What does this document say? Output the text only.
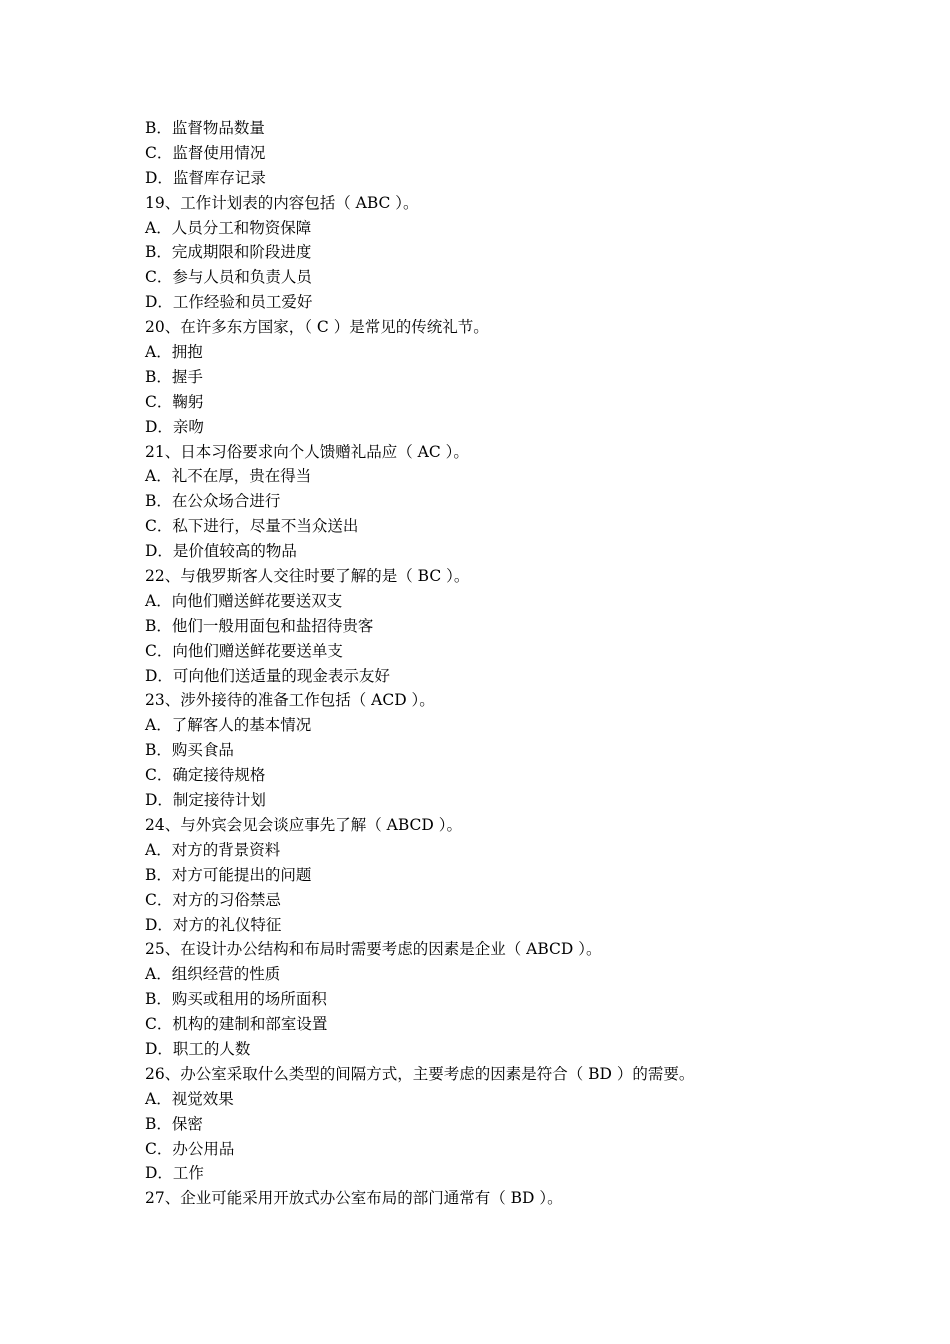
B．监督物品数量
C．监督使用情况
D．监督库存记录
19、工作计划表的内容包括（ ABC ）。
A．人员分工和物资保障
B．完成期限和阶段进度
C．参与人员和负责人员
D．工作经验和员工爱好
20、在许多东方国家，（ C ）是常见的传统礼节。
A．拥抱
B．握手
C．鞠躬
D．亲吻
21、日本习俗要求向个人馈赠礼品应（ AC ）。
A．礼不在厚，贵在得当
B．在公众场合进行
C．私下进行，尽量不当众送出
D．是价值较高的物品
22、与俄罗斯客人交往时要了解的是（ BC ）。
A．向他们赠送鲜花要送双支
B．他们一般用面包和盐招待贵客
C．向他们赠送鲜花要送单支
D．可向他们送适量的现金表示友好
23、涉外接待的准备工作包括（ ACD ）。
A．了解客人的基本情况
B．购买食品
C．确定接待规格
D．制定接待计划
24、与外宾会见会谈应事先了解（ ABCD ）。
A．对方的背景资料
B．对方可能提出的问题
C．对方的习俗禁忌
D．对方的礼仪特征
25、在设计办公结构和布局时需要考虑的因素是企业（ ABCD ）。
A．组织经营的性质
B．购买或租用的场所面积
C．机构的建制和部室设置
D．职工的人数
26、办公室采取什么类型的间隔方式，主要考虑的因素是符合（ BD ）的需要。
A．视觉效果
B．保密
C．办公用品
D．工作
27、企业可能采用开放式办公室布局的部门通常有（ BD ）。
